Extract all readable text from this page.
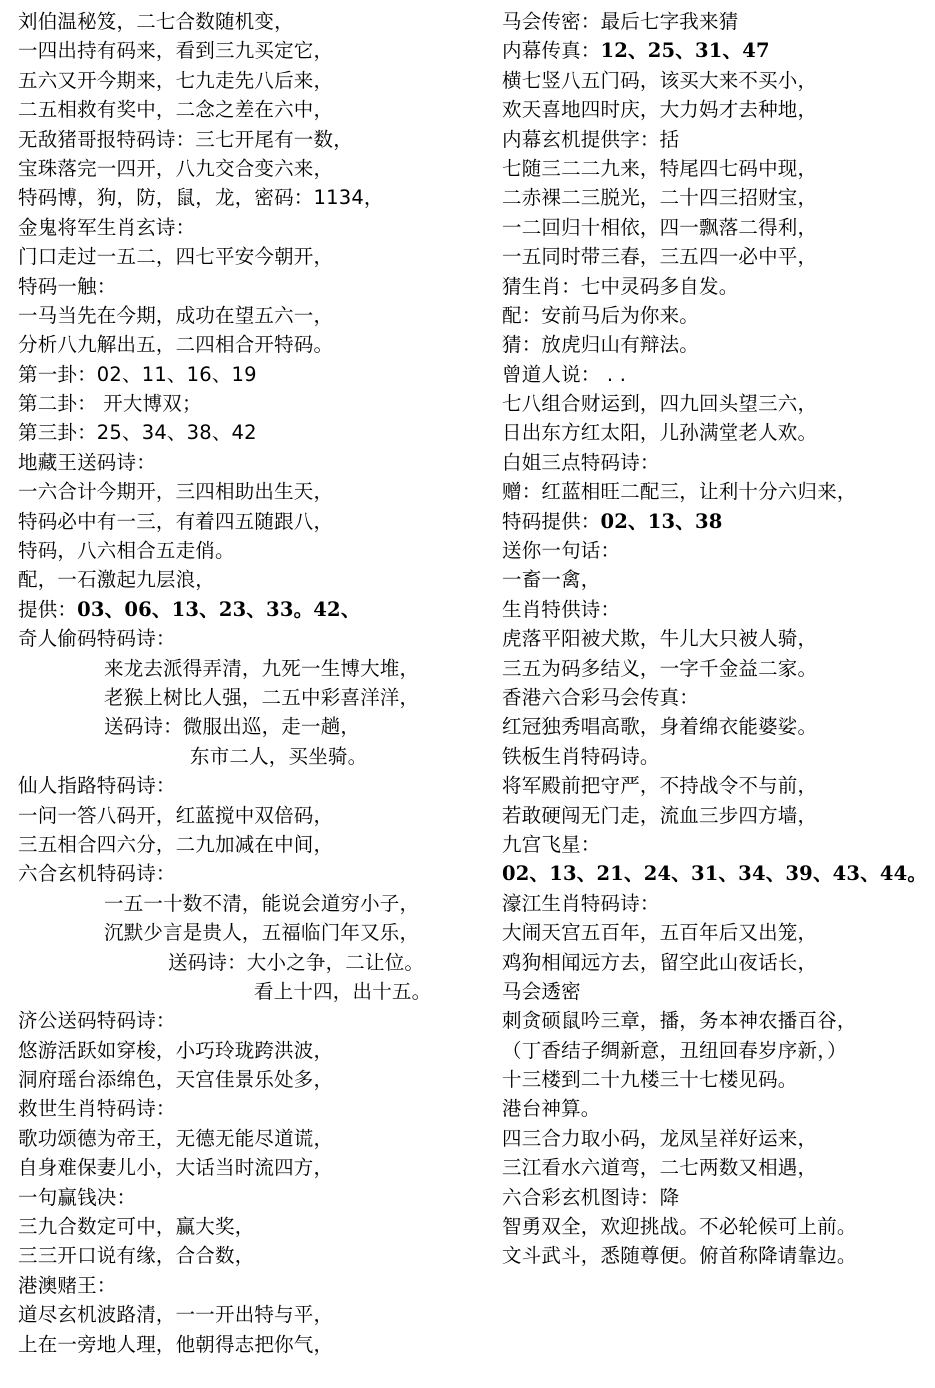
刘伯温秘笈，二七合数随机变，
一四出持有码来，看到三九买定它，
五六又开今期来，七九走先八后来，
二五相救有奖中，二念之差在六中，
无敌猪哥报特码诗：三七开尾有一数，
宝珠落完一四开，八九交合变六来，
特码博，狗，防，鼠，龙，密码：1134，
金鬼将军生肖玄诗：
门口走过一五二，四七平安今朝开，
特码一触：
一马当先在今期，成功在望五六一，
分析八九解出五，二四相合开特码。
第一卦：02、11、16、19
第二卦： 开大博双；
第三卦：25、34、38、42
地藏王送码诗：
一六合计今期开，三四相助出生天，
特码必中有一三，有着四五随跟八，
特码，八六相合五走俏。
配，一石激起九层浪，
提供：03、06、13、23、33。42、
奇人偷码特码诗：
来龙去派得弄清，九死一生博大堆，
老猴上树比人强，二五中彩喜洋洋，
送码诗：微服出巡，走一趟，
东市二人，买坐骑。
仙人指路特码诗：
一问一答八码开，红蓝搅中双倍码，
三五相合四六分，二九加减在中间，
六合玄机特码诗：
一五一十数不清，能说会道穷小子，
沉默少言是贵人，五福临门年又乐，
送码诗：大小之争，二让位。
看上十四，出十五。
济公送码特码诗：
悠游活跃如穿梭，小巧玲珑跨洪波，
洞府瑶台添绵色，天宫佳景乐处多，
救世生肖特码诗：
歌功颂德为帝王，无德无能尽道谎，
自身难保妻儿小，大话当时流四方，
一句赢钱决：
三九合数定可中，赢大奖，
三三开口说有缘，合合数，
港澳赌王：
道尽玄机波路清，一一开出特与平，
上在一旁地人理，他朝得志把你气，
马会传密：最后七字我来猜
内幕传真：12、25、31、47
横七竖八五门码，该买大来不买小，
欢天喜地四时庆，大力妈才去种地，
内幕玄机提供字：括
七随三二二九来，特尾四七码中现，
二赤裸二三脱光，二十四三招财宝，
一二回归十相依，四一飘落二得利，
一五同时带三春，三五四一必中平，
猜生肖：七中灵码多自发。
配：安前马后为你来。
猜：放虎归山有辩法。
曾道人说： . .
七八组合财运到，四九回头望三六，
日出东方红太阳，儿孙满堂老人欢。
白姐三点特码诗：
赠：红蓝相旺二配三，让利十分六归来，
特码提供：02、13、38
送你一句话：
一畜一禽，
生肖特供诗：
虎落平阳被犬欺，牛儿大只被人骑，
三五为码多结义，一字千金益二家。
香港六合彩马会传真：
红冠独秀唱高歌，身着绵衣能婆娑。
铁板生肖特码诗。
将军殿前把守严，不持战令不与前，
若敢硬闯无门走，流血三步四方墙，
九宫飞星：
02、13、21、24、31、34、39、43、44。
濠江生肖特码诗：
大闹天宫五百年，五百年后又出笼，
鸡狗相闻远方去，留空此山夜话长，
马会透密
刺贪硕鼠吟三章，播，务本神农播百谷，
（丁香结子绸新意，丑纽回春岁序新，）
十三楼到二十九楼三十七楼见码。
港台神算。
四三合力取小码，龙凤呈祥好运来，
三江看水六道弯，二七两数又相遇，
六合彩玄机图诗：降
智勇双全，欢迎挑战。不必轮候可上前。
文斗武斗，悉随尊便。俯首称降请靠边。
